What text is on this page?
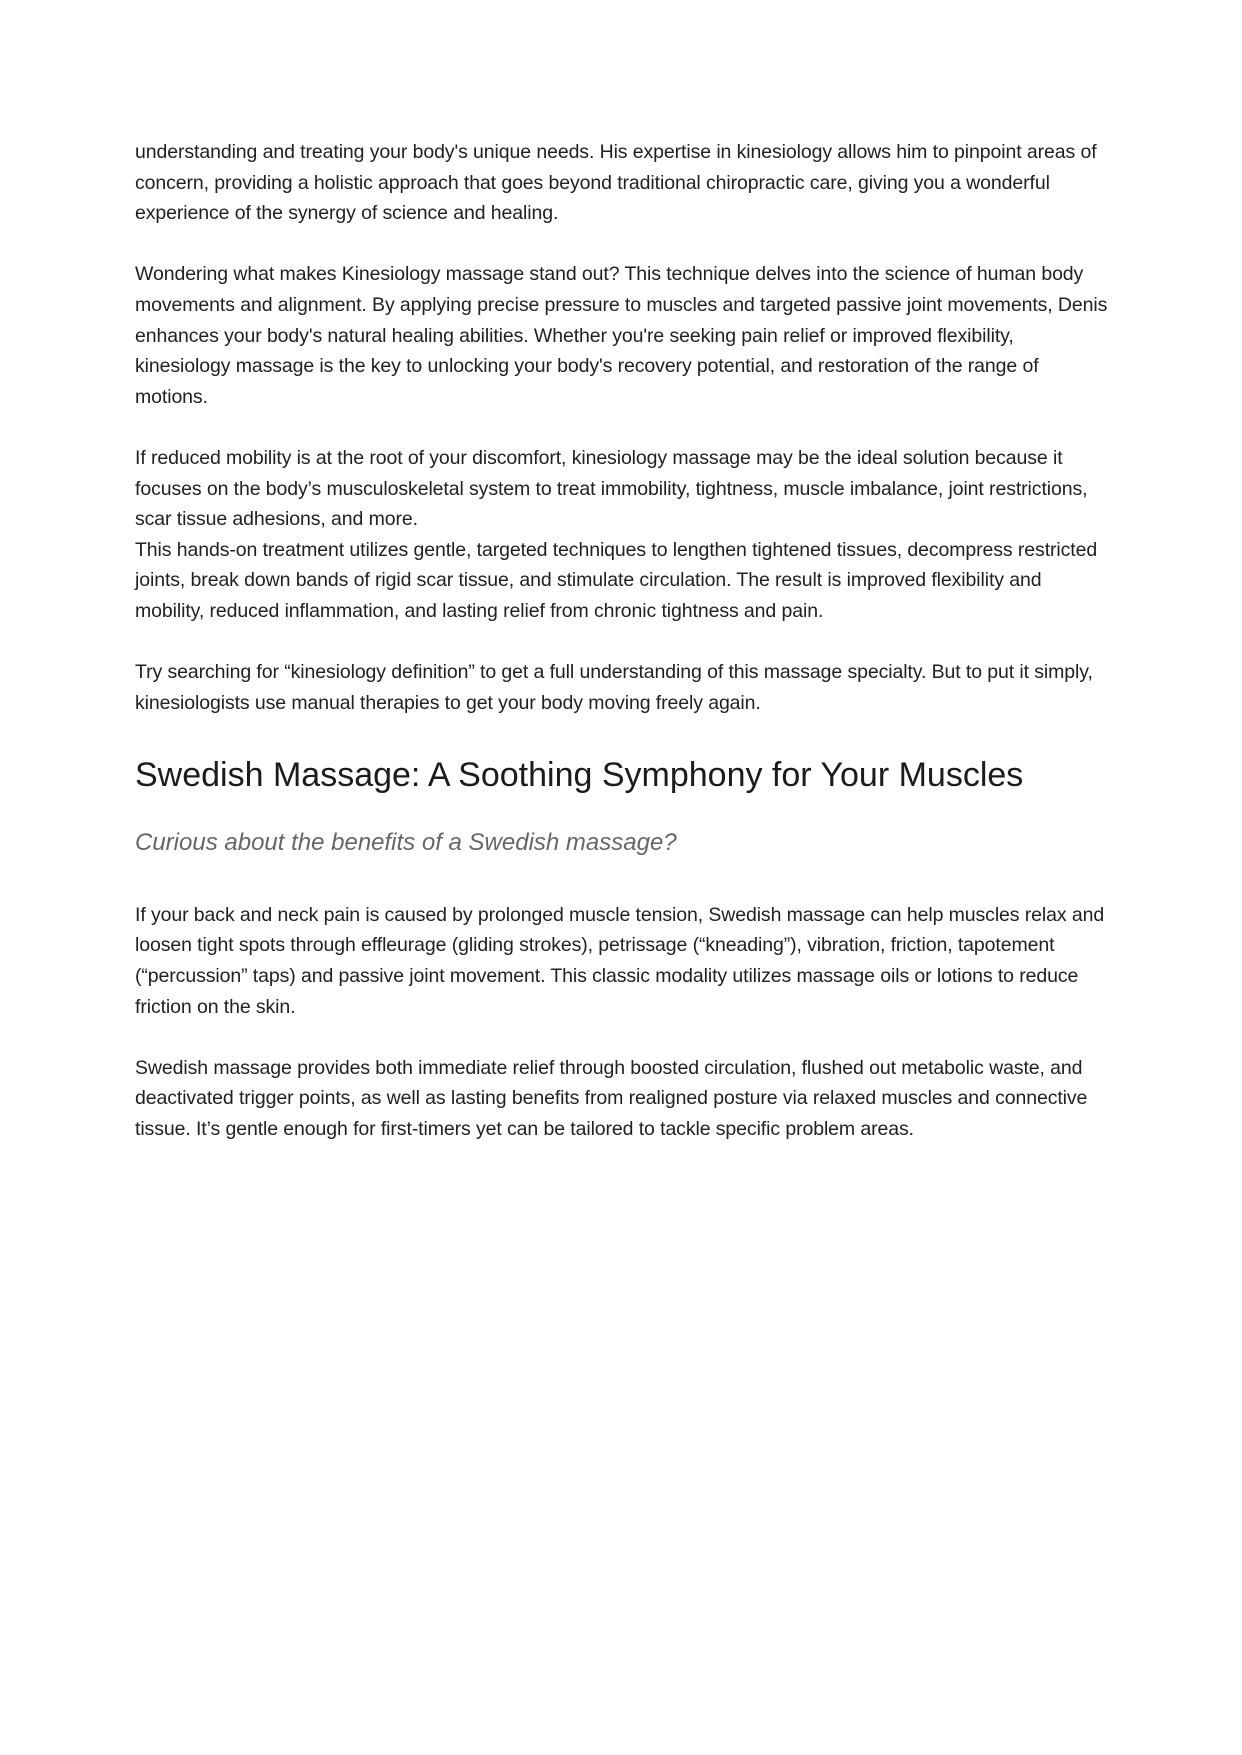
understanding and treating your body's unique needs. His expertise in kinesiology allows him to pinpoint areas of concern, providing a holistic approach that goes beyond traditional chiropractic care, giving you a wonderful experience of the synergy of science and healing.

Wondering what makes Kinesiology massage stand out? This technique delves into the science of human body movements and alignment. By applying precise pressure to muscles and targeted passive joint movements, Denis enhances your body's natural healing abilities. Whether you're seeking pain relief or improved flexibility, kinesiology massage is the key to unlocking your body's recovery potential, and restoration of the range of motions.

If reduced mobility is at the root of your discomfort, kinesiology massage may be the ideal solution because it focuses on the body’s musculoskeletal system to treat immobility, tightness, muscle imbalance, joint restrictions, scar tissue adhesions, and more.

This hands-on treatment utilizes gentle, targeted techniques to lengthen tightened tissues, decompress restricted joints, break down bands of rigid scar tissue, and stimulate circulation. The result is improved flexibility and mobility, reduced inflammation, and lasting relief from chronic tightness and pain.

Try searching for “kinesiology definition” to get a full understanding of this massage specialty. But to put it simply, kinesiologists use manual therapies to get your body moving freely again.

Swedish Massage: A Soothing Symphony for Your Muscles
Curious about the benefits of a Swedish massage?

If your back and neck pain is caused by prolonged muscle tension, Swedish massage can help muscles relax and loosen tight spots through effleurage (gliding strokes), petrissage (“kneading”), vibration, friction, tapotement (“percussion” taps) and passive joint movement. This classic modality utilizes massage oils or lotions to reduce friction on the skin.

Swedish massage provides both immediate relief through boosted circulation, flushed out metabolic waste, and deactivated trigger points, as well as lasting benefits from realigned posture via relaxed muscles and connective tissue. It’s gentle enough for first-timers yet can be tailored to tackle specific problem areas.
